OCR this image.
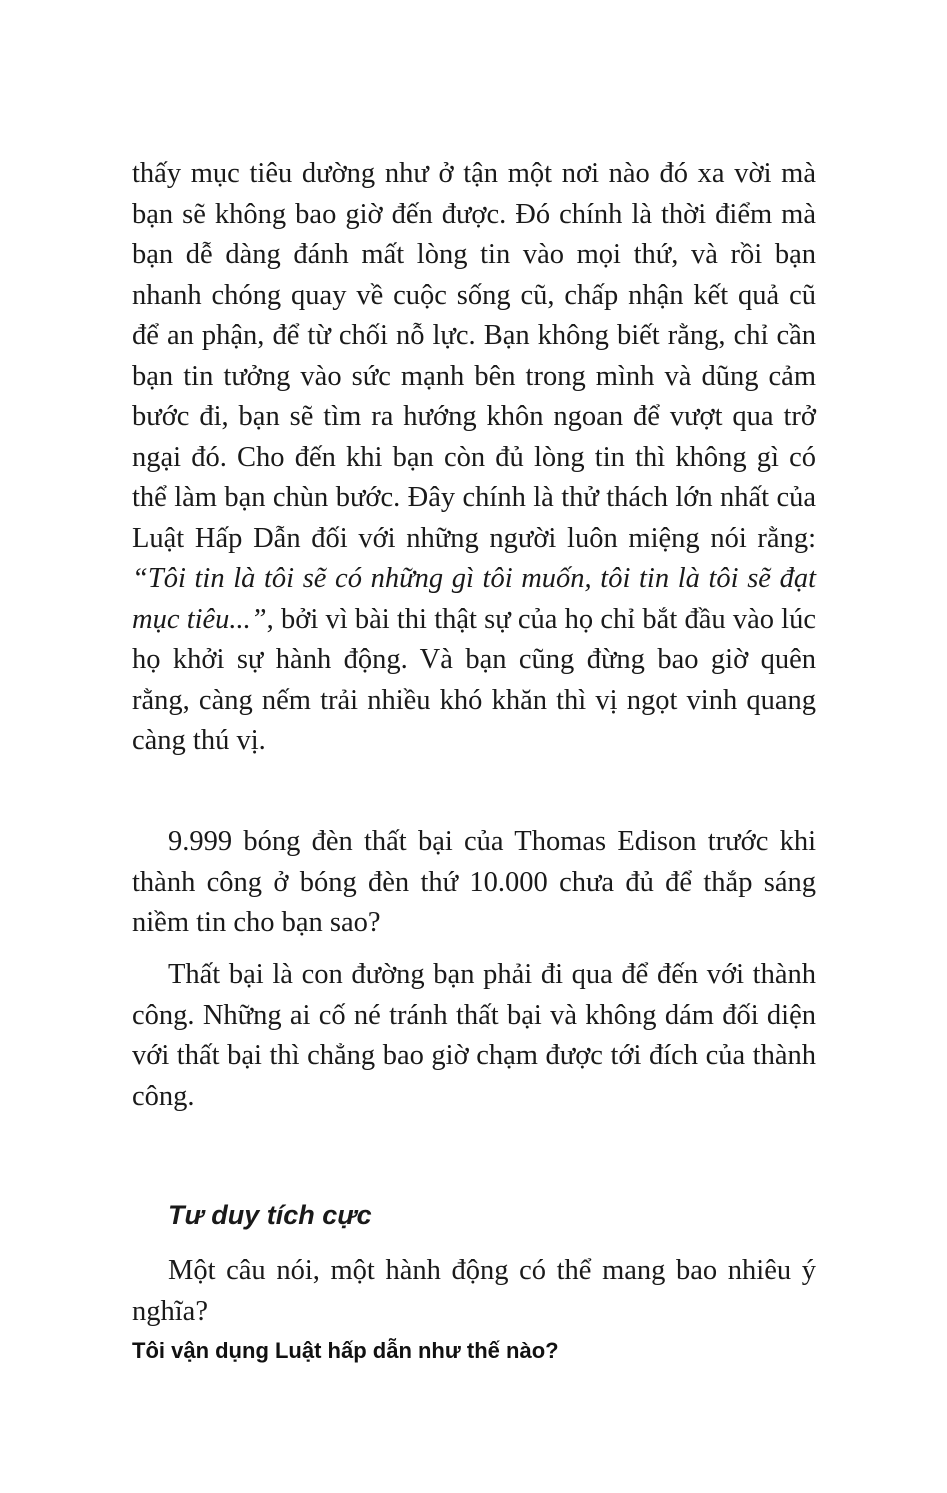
thấy mục tiêu dường như ở tận một nơi nào đó xa vời mà bạn sẽ không bao giờ đến được. Đó chính là thời điểm mà bạn dễ dàng đánh mất lòng tin vào mọi thứ, và rồi bạn nhanh chóng quay về cuộc sống cũ, chấp nhận kết quả cũ để an phận, để từ chối nỗ lực. Bạn không biết rằng, chỉ cần bạn tin tưởng vào sức mạnh bên trong mình và dũng cảm bước đi, bạn sẽ tìm ra hướng khôn ngoan để vượt qua trở ngại đó. Cho đến khi bạn còn đủ lòng tin thì không gì có thể làm bạn chùn bước. Đây chính là thử thách lớn nhất của Luật Hấp Dẫn đối với những người luôn miệng nói rằng: “Tôi tin là tôi sẽ có những gì tôi muốn, tôi tin là tôi sẽ đạt mục tiêu...”, bởi vì bài thi thật sự của họ chỉ bắt đầu vào lúc họ khởi sự hành động. Và bạn cũng đừng bao giờ quên rằng, càng nếm trải nhiều khó khăn thì vị ngọt vinh quang càng thú vị.

9.999 bóng đèn thất bại của Thomas Edison trước khi thành công ở bóng đèn thứ 10.000 chưa đủ để thắp sáng niềm tin cho bạn sao?

Thất bại là con đường bạn phải đi qua để đến với thành công. Những ai cố né tránh thất bại và không dám đối diện với thất bại thì chẳng bao giờ chạm được tới đích của thành công.

Tư duy tích cực

Một câu nói, một hành động có thể mang bao nhiêu ý nghĩa?

Tôi vận dụng Luật hấp dẫn như thế nào?
